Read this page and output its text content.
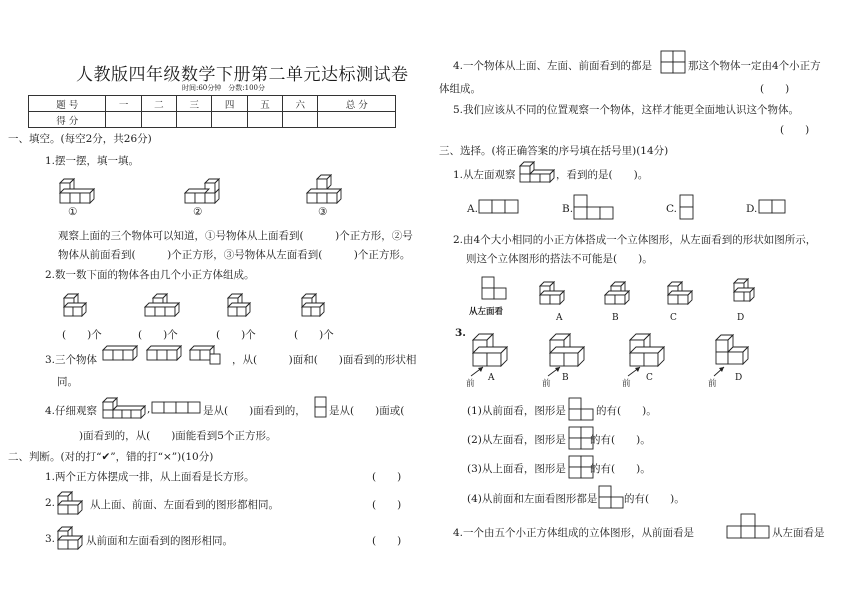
人教版四年级数学下册第二单元达标测试卷
时间:60分钟　分数:100分
题 号	一	二	三	四	五	六	总 分
得 分							
一、填空。(每空2分，共26分)
1.摆一摆，填一填。
①	②	③
观察上面的三个物体可以知道，①号物体从上面看到(　　　)个正方形，②号
物体从前面看到(　　　)个正方形，③号物体从左面看到(　　　)个正方形。
2.数一数下面的物体各由几个小正方体组成。
(　　)个	(　　)个	(　　)个	(　　)个
3.三个物体	，从(　　　)面和(　　)面看到的形状相
同。
4.仔细观察	,	是从(　　)面看到的， 是从(　　)面或(
)面看到的，从(　　)面能看到5个正方形。
二、判断。(对的打“✔”，错的打“×”)(10分)
1.两个正方体摆成一排，从上面看是长方形。	(　　)
2.	从上面、前面、左面看到的图形都相同。	(　　)
3.	从前面和左面看到的图形相同。	(　　)
4.一个物体从上面、左面、前面看到的都是	那这个物体一定由4个小正方
体组成。	(　　)
5.我们应该从不同的位置观察一个物体，这样才能更全面地认识这个物体。
(　　)
三、选择。(将正确答案的序号填在括号里)(14分)
1.从左面观察	，看到的是(　　)。
A.	B.	C.	D.
2.由4个大小相同的小正方体搭成一个立体图形，从左面看到的形状如图所示，
则这个立体图形的搭法不可能是(　　)。
从左面看
A	B	C	D
3.
前
A
前
B
前
C
前
D
(1)从前面看，图形是	的有(　　)。
(2)从左面看，图形是 的有(　　)。
(3)从上面看，图形是 的有(　　)。
(4)从前面和左面看图形都是	的有(　　)。
4.一个由五个小正方体组成的立体图形，从前面看是	从左面看是
